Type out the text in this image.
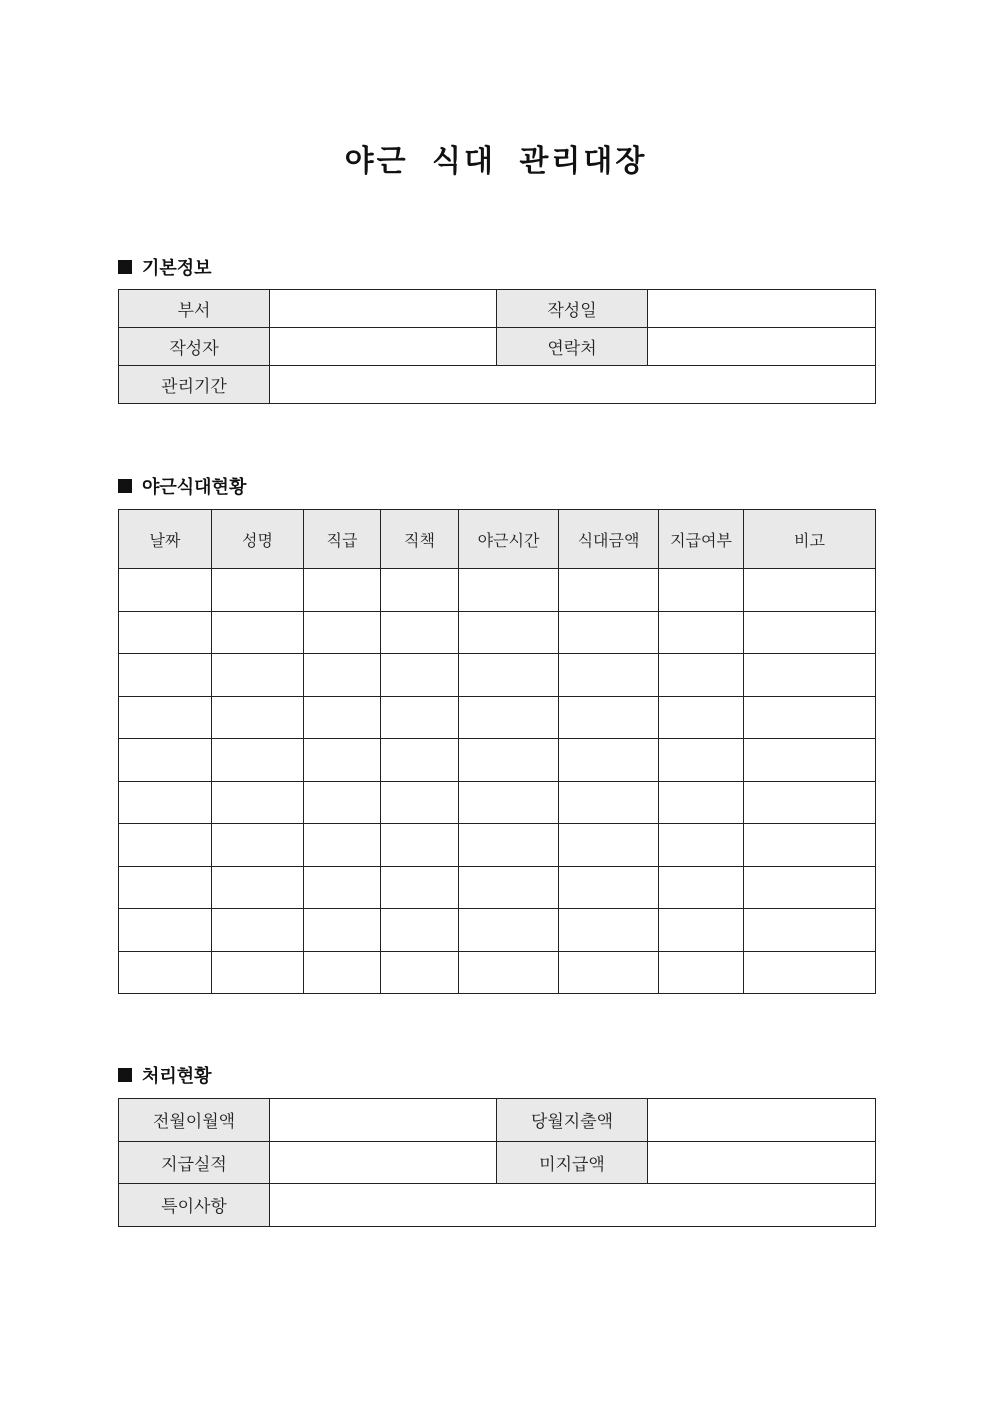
야근 식대 관리대장
기본정보
부서		작성일	
작성자		연락처	
관리기간			
야근식대현황
날짜	성명	직급	직책	야근시간	식대금액	지급여부	비고

처리현황
전월이월액		당월지출액	
지급실적		미지급액	
특이사항			
